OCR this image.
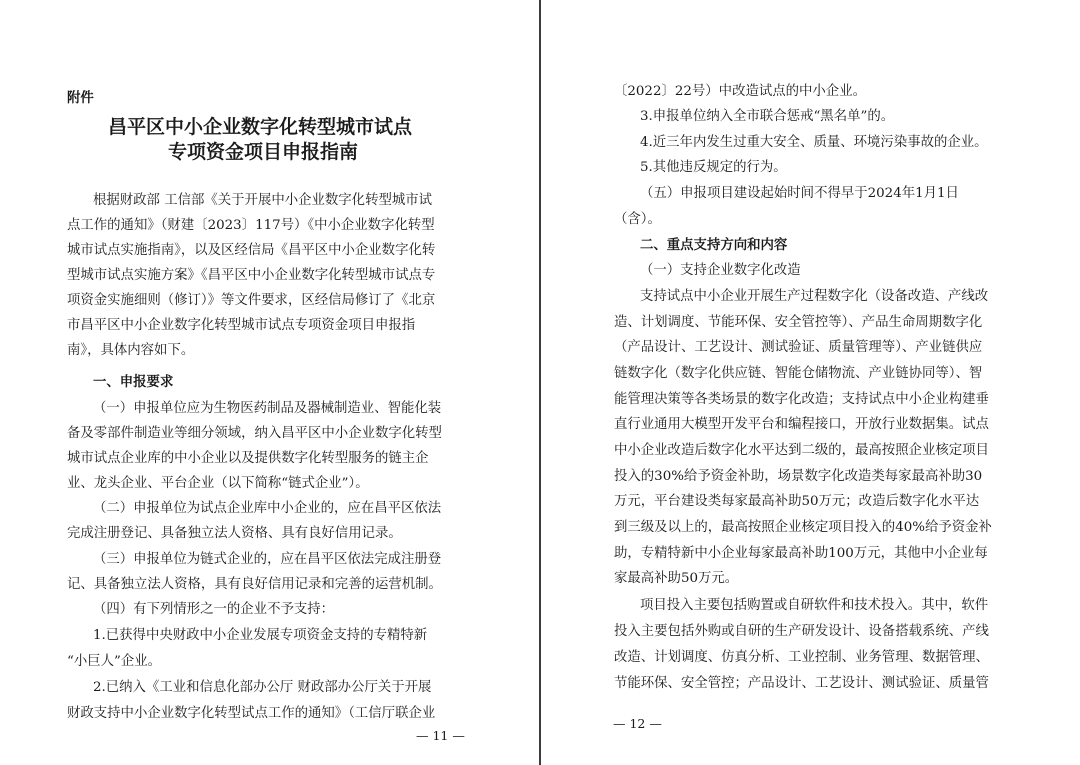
附件
昌平区中小企业数字化转型城市试点
专项资金项目申报指南
根据财政部 工信部《关于开展中小企业数字化转型城市试
点工作的通知》（财建〔2023〕117号）《中小企业数字化转型
城市试点实施指南》，以及区经信局《昌平区中小企业数字化转
型城市试点实施方案》《昌平区中小企业数字化转型城市试点专
项资金实施细则（修订）》等文件要求，区经信局修订了《北京
市昌平区中小企业数字化转型城市试点专项资金项目申报指
南》，具体内容如下。
一、申报要求
（一）申报单位应为生物医药制品及器械制造业、智能化装
备及零部件制造业等细分领域，纳入昌平区中小企业数字化转型
城市试点企业库的中小企业以及提供数字化转型服务的链主企
业、龙头企业、平台企业（以下简称“链式企业”）。
（二）申报单位为试点企业库中小企业的，应在昌平区依法
完成注册登记、具备独立法人资格、具有良好信用记录。
（三）申报单位为链式企业的，应在昌平区依法完成注册登
记、具备独立法人资格，具有良好信用记录和完善的运营机制。
（四）有下列情形之一的企业不予支持：
1.已获得中央财政中小企业发展专项资金支持的专精特新
“小巨人”企业。
2.已纳入《工业和信息化部办公厅 财政部办公厅关于开展
财政支持中小企业数字化转型试点工作的通知》（工信厅联企业
— 11 —
〔2022〕22号）中改造试点的中小企业。
3.申报单位纳入全市联合惩戒“黑名单”的。
4.近三年内发生过重大安全、质量、环境污染事故的企业。
5.其他违反规定的行为。
（五）申报项目建设起始时间不得早于2024年1月1日
（含）。
二、重点支持方向和内容
（一）支持企业数字化改造
支持试点中小企业开展生产过程数字化（设备改造、产线改
造、计划调度、节能环保、安全管控等）、产品生命周期数字化
（产品设计、工艺设计、测试验证、质量管理等）、产业链供应
链数字化（数字化供应链、智能仓储物流、产业链协同等）、智
能管理决策等各类场景的数字化改造；支持试点中小企业构建垂
直行业通用大模型开发平台和编程接口，开放行业数据集。试点
中小企业改造后数字化水平达到二级的，最高按照企业核定项目
投入的30%给予资金补助，场景数字化改造类每家最高补助30
万元，平台建设类每家最高补助50万元；改造后数字化水平达
到三级及以上的，最高按照企业核定项目投入的40%给予资金补
助，专精特新中小企业每家最高补助100万元，其他中小企业每
家最高补助50万元。
项目投入主要包括购置或自研软件和技术投入。其中，软件
投入主要包括外购或自研的生产研发设计、设备搭载系统、产线
改造、计划调度、仿真分析、工业控制、业务管理、数据管理、
节能环保、安全管控；产品设计、工艺设计、测试验证、质量管
— 12 —
